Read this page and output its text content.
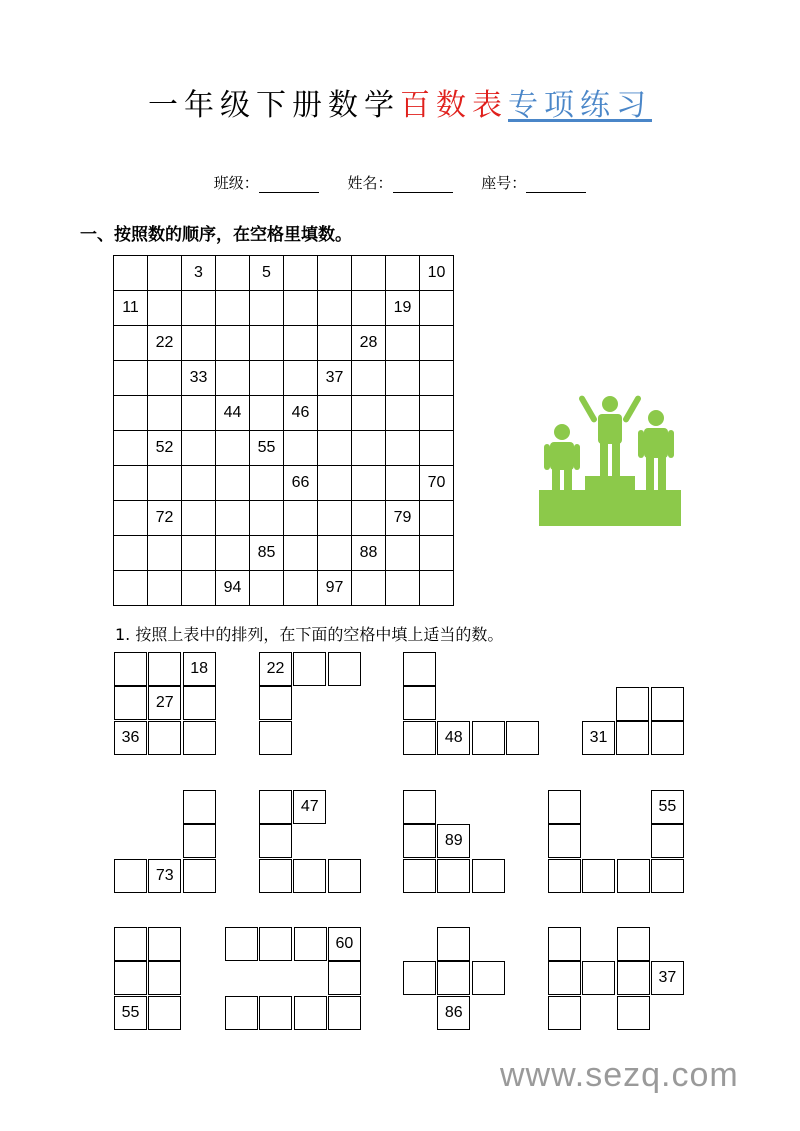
一年级下册数学百数表专项练习
班级：	姓名：	座号：
一、按照数的顺序，在空格里填数。
		3		5					10
11								19	
	22						28		
		33				37			
			44		46				
	52			55					
					66				70
	72							79	
				85			88		
			94			97			
1. 按照上表中的排列，在下面的空格中填上适当的数。
18
27
36
22
48	31
73
47
89
55
55
60
86
37
www.sezq.com
